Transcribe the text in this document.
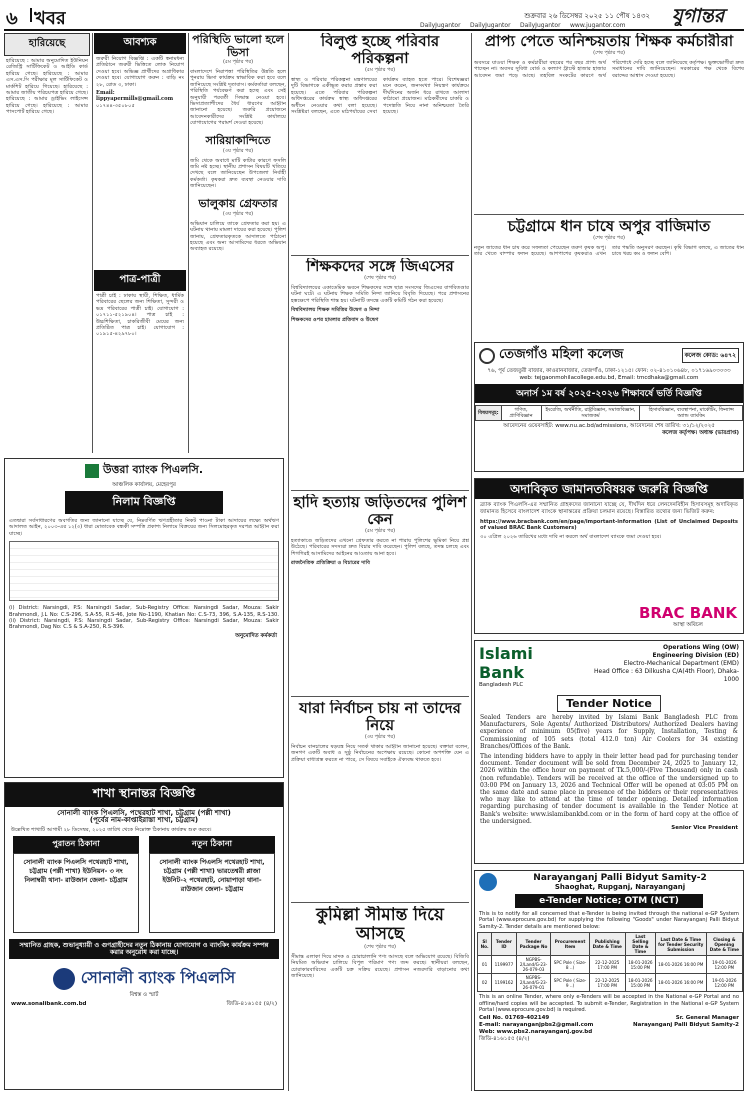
৬ খবর	DailyJugantor DailyJugantor DailyJugantor www.jugantor.com
শুক্রবার ২৬ ডিসেম্বর ২০২৫ ১১ পৌষ ১৪৩২	যুগান্তর
হারিয়েছে
হারিয়েছে : আমার অনুমোদিত ইউনিয়ন রেজিস্ট্রি সার্টিফিকেট ও আইডি কার্ড হারিয়ে গেছে। হারিয়েছে : আমার এস.এস.সি পরীক্ষার মূল সার্টিফিকেট ও মার্কশিট হারিয়ে গিয়েছে। হারিয়েছে : আমার জাতীয় পরিচয়পত্র হারিয়ে গেছে। হারিয়েছে : আমার ড্রাইভিং লাইসেন্স হারিয়ে গেছে। হারিয়েছে : আমার পাসপোর্ট হারিয়ে গেছে।
আবশ্যক
জরুরী নিয়োগ বিজ্ঞপ্তি : একটি স্বনামধন্য প্রতিষ্ঠানে জরুরী ভিত্তিতে লোক নিয়োগ দেওয়া হবে। অভিজ্ঞ প্রার্থীদের অগ্রাধিকার দেওয়া হবে। যোগাযোগ করুন : বাড়ি নং ২৮, রোড ৩, ঢাকা।
Email: lippyapermills@gmail.com
০১৭৪৪-৩৫০৮০৫
পাত্র-পাত্রী
পাত্রী চাই : ঢাকায় স্থায়ী, শিক্ষিত, ধার্মিক পরিবারের ছেলের জন্য শিক্ষিতা, সুন্দরী ও ভদ্র পরিবারের পাত্রী চাই। যোগাযোগ : ০১৭১১-৫২১৯০৪। পাত্র চাই : উচ্চশিক্ষিতা, চাকরিজীবী মেয়ের জন্য প্রতিষ্ঠিত পাত্র চাই। যোগাযোগ : ০১৯১৫-৪২৯৭৮০।
উত্তরা ব্যাংক পিএলসি.
আঞ্চলিক কার্যালয়, মেহেরপুর
নিলাম বিজ্ঞপ্তি
এতদ্বারা সর্বসাধারণের অবগতির জন্য জানানো যাচ্ছে যে, নিম্নবর্ণিত ঋণগ্রহীতার নিকট পাওনা টাকা আদায়ের লক্ষ্যে অর্থঋণ আদালত আইন, ২০০৩-এর ১২(৩) ধারা মোতাবেক বন্ধকী সম্পত্তি প্রকাশ্য নিলামে বিক্রয়ের জন্য সিলমোহরকৃত দরপত্র আহ্বান করা যাচ্ছে।
(i) District: Narsingdi, P.S: Narsingdi Sadar, Sub-Registry Office: Narsingdi Sadar, Mouza: Sakir Brahmondi, J.L No: C.S-296, S.A-55, R.S-46, Jote No-1190, Khatian No: C.S-73, 396, S.A-135, R.S-130. (ii) District: Narsingdi, P.S: Narsingdi Sadar, Sub-Registry Office: Narsingdi Sadar, Mouza: Sakir Brahmondi, Dag No: C.S & S.A-250, R.S-396.
অনুমোদিত কর্মকর্তা
শাখা স্থানান্তর বিজ্ঞপ্তি
সোনালী ব্যাংক পিএলসি, পথেরহাট শাখা, চট্টগ্রাম (পল্লী শাখা)
(পূর্বের নাম-কাপ্তাইরাস্তা শাখা, চট্টগ্রাম)
উল্লেখিত শাখাটি আগামী ২৮ ডিসেম্বর, ২০২৫ তারিখ থেকে নিম্নোক্ত ঠিকানায় কার্যক্রম শুরু করবে।
পুরাতন ঠিকানা
সোনালী ব্যাংক পিএলসি পথেরহাট শাখা, চট্টগ্রাম (পল্লী শাখা) ইউনিয়ন- ৩ নং নিলাম্বরী থানা- রাউজান জেলা- চট্টগ্রাম
নতুন ঠিকানা
সোনালী ব্যাংক পিএলসি পথেরহাট শাখা, চট্টগ্রাম (পল্লী শাখা) ভারতেশ্বরী প্লাজা ইউনিট-২ পথেরহাট, নোয়াপাড়া থানা- রাউজান জেলা- চট্টগ্রাম
সম্মানিত গ্রাহক, শুভানুধ্যায়ী ও গুণগ্রাহীদের নতুন ঠিকানায় যোগাযোগ ও ব্যাংকিং কার্যক্রম সম্পন্ন করার অনুরোধ করা যাচ্ছে।
সোনালী ব্যাংক পিএলসি
বিশ্বস্ত ও স্মার্ট
www.sonalibank.com.bd	জিডি-৪১৬১৫৫ (৪/২)
পরিস্থিতি ভালো হলে ভিসা
(৫ম পৃষ্ঠার পর)
বাংলাদেশে নিরাপত্তা পরিস্থিতির উন্নতি হলে পুনরায় ভিসা কার্যক্রম স্বাভাবিক করা হবে বলে জানিয়েছে সংশ্লিষ্ট দূতাবাস। কর্মকর্তারা বলছেন, পরিস্থিতি পর্যবেক্ষণ করা হচ্ছে এবং সেই অনুযায়ী পরবর্তী সিদ্ধান্ত নেওয়া হবে। ভিসাপ্রত্যাশীদের ধৈর্য ধারণের আহ্বান জানানো হয়েছে। জরুরি প্রয়োজনে আবেদনকারীদের সংশ্লিষ্ট কার্যালয়ে যোগাযোগের পরামর্শ দেওয়া হয়েছে।
সারিয়াকান্দিতে
(৩য় পৃষ্ঠার পর)
জমি থেকে অবাধে মাটি কাটার কারণে ফসলি জমি নষ্ট হচ্ছে। স্থানীয় প্রশাসন বিষয়টি খতিয়ে দেখছে বলে জানিয়েছেন উপজেলা নির্বাহী কর্মকর্তা। কৃষকরা দ্রুত ব্যবস্থা নেওয়ার দাবি জানিয়েছেন।
ভালুকায় গ্রেফতার
(৩য় পৃষ্ঠার পর)
অভিযান চালিয়ে তাকে গ্রেফতার করা হয়। এ ঘটনায় থানায় মামলা দায়ের করা হয়েছে। পুলিশ জানায়, গ্রেফতারকৃতকে আদালতে পাঠানো হয়েছে এবং অন্য আসামিদের ধরতে অভিযান অব্যাহত রয়েছে।
বিলুপ্ত হচ্ছে পরিবার পরিকল্পনা
(৫ম পৃষ্ঠার পর)
স্বাস্থ্য ও পরিবার পরিকল্পনা মন্ত্রণালয়ের দুটি বিভাগকে একীভূত করার প্রস্তাব করা হয়েছে। এতে পরিবার পরিকল্পনা অধিদপ্তরের কার্যক্রম স্বাস্থ্য অধিদপ্তরের অধীনে নেওয়ার কথা বলা হয়েছে। সংশ্লিষ্টরা বলছেন, এতে মাঠপর্যায়ের সেবা কার্যক্রম ব্যাহত হতে পারে। বিশেষজ্ঞরা মনে করেন, জনসংখ্যা নিয়ন্ত্রণ কার্যক্রমে দীর্ঘদিনের অর্জন ধরে রাখতে আলাদা কাঠামো প্রয়োজন। মাঠকর্মীদের চাকরি ও পদোন্নতি নিয়ে নানা অনিশ্চয়তা তৈরি হয়েছে।
শিক্ষকদের সঙ্গে জিএসের
(শেষ পৃষ্ঠার পর)
বিশ্ববিদ্যালয়ের একাডেমিক ভবনে শিক্ষকদের সঙ্গে ছাত্র সংসদের জিএসের বাগবিতণ্ডার ঘটনা ঘটে। এ ঘটনায় শিক্ষক সমিতি নিন্দা জানিয়ে বিবৃতি দিয়েছে। পরে প্রশাসনের হস্তক্ষেপে পরিস্থিতি শান্ত হয়। ঘটনাটি তদন্তে একটি কমিটি গঠন করা হয়েছে।
বিশ্ববিদ্যালয় শিক্ষক সমিতির উদ্বেগ ও নিন্দা
শিক্ষকদের ওপর হামলার প্রতিবাদ ও উদ্বেগ
হাদি হত্যায় জড়িতদের পুলিশ কেন
(৫ম পৃষ্ঠার পর)
হত্যাকাণ্ডে জড়িতদের এখনো গ্রেফতার করতে না পারায় পুলিশের ভূমিকা নিয়ে প্রশ্ন উঠেছে। পরিবারের সদস্যরা দ্রুত বিচার দাবি করেছেন। পুলিশ বলছে, তদন্ত চলছে এবং শিগগিরই আসামিদের আইনের আওতায় আনা হবে।
রাজনৈতিক প্রতিক্রিয়া ও বিচারের দাবি
যারা নির্বাচন চায় না তাদের নিয়ে
(৩য় পৃষ্ঠার পর)
নির্বাচন বানচালের ষড়যন্ত্র নিয়ে সতর্ক থাকার আহ্বান জানানো হয়েছে। বক্তারা বলেন, জনগণ একটি অবাধ ও সুষ্ঠু নির্বাচনের অপেক্ষায় রয়েছে। কোনো অপশক্তি যেন এ প্রক্রিয়া বাধাগ্রস্ত করতে না পারে, সে বিষয়ে সবাইকে ঐক্যবদ্ধ থাকতে হবে।
কুমিল্লা সীমান্ত দিয়ে আসছে
(শেষ পৃষ্ঠার পর)
সীমান্ত এলাকা দিয়ে মাদক ও চোরাচালানি পণ্য আসছে বলে অভিযোগ রয়েছে। বিজিবি নিয়মিত অভিযান চালিয়ে বিপুল পরিমাণ পণ্য জব্দ করছে। স্থানীয়রা বলছেন, চোরাকারবারিদের একটি চক্র সক্রিয় রয়েছে। প্রশাসন নজরদারি বাড়ানোর কথা জানিয়েছে।
প্রাপ্য পেতে অনিশ্চয়তায় শিক্ষক কর্মচারীরা
(শেষ পৃষ্ঠার পর)
অবসরে যাওয়া শিক্ষক ও কর্মচারীরা বছরের পর বছর প্রাপ্য অর্থ পাচ্ছেন না। অবসর সুবিধা বোর্ড ও কল্যাণ ট্রাস্টে হাজার হাজার আবেদন জমা পড়ে আছে। তহবিল সংকটের কারণে অর্থ পরিশোধে দেরি হচ্ছে বলে জানিয়েছে কর্তৃপক্ষ। ভুক্তভোগীরা দ্রুত সমাধানের দাবি জানিয়েছেন। সরকারের পক্ষ থেকে বিশেষ বরাদ্দের আশ্বাস দেওয়া হয়েছে।
চট্টগ্রামে ধান চাষে অপুর বাজিমাত
(শেষ পৃষ্ঠার পর)
নতুন জাতের ধান চাষ করে সফলতা পেয়েছেন তরুণ কৃষক অপু। তার খেতে বাম্পার ফলন হয়েছে। আশপাশের কৃষকরাও এখন তার পদ্ধতি অনুসরণ করছেন। কৃষি বিভাগ বলছে, এ জাতের ধান চাষে খরচ কম ও ফলন বেশি।
তেজগাঁও মহিলা কলেজ	কলেজ কোড: ৬৪৭২
৭৬, পূর্ব তেজতুরী বাজার, কাওরানবাজার, তেজগাঁও, ঢাকা-১২১৫। ফোন: ০২-৪১০১০৬৪৮, ০১৭১৬৯০৩০৩৩
web: tejgaonmohilacollege.edu.bd, Email: tmcdhaka@gmail.com
অনার্স ১ম বর্ষ ২০২৫-২০২৬ শিক্ষাবর্ষে ভর্তি বিজ্ঞপ্তি
বিষয়সমূহ:	গণিত, প্রাণিবিজ্ঞান	ইংরেজি, অর্থনীতি, রাষ্ট্রবিজ্ঞান, সমাজবিজ্ঞান, সমাজকর্ম	হিসাববিজ্ঞান, ব্যবস্থাপনা, মার্কেটিং, ফিন্যান্স অ্যান্ড ব্যাংকিং
আবেদনের ওয়েবসাইট: www.nu.ac.bd/admissions, আবেদনের শেষ তারিখ: ৩১/১২/২০২৫
কলেজ কর্তৃপক্ষ। অধ্যক্ষ (ভারপ্রাপ্ত)
অদাবিকৃত জামানতবিষয়ক জরুরি বিজ্ঞপ্তি
ব্র্যাক ব্যাংক পিএলসি-এর সম্মানিত গ্রাহকদের জানানো যাচ্ছে যে, দীর্ঘদিন ধরে লেনদেনবিহীন হিসাবসমূহ অদাবিকৃত জামানত হিসেবে বাংলাদেশ ব্যাংকে স্থানান্তরের প্রক্রিয়া চলমান রয়েছে। বিস্তারিত তথ্যের জন্য ভিজিট করুন:
https://www.bracbank.com/en/page/important-information (List of Unclaimed Deposits of valued BRAC Bank Customers)
৩০ এপ্রিল ২০২৬ তারিখের মধ্যে দাবি না করলে অর্থ বাংলাদেশ ব্যাংকে জমা দেওয়া হবে।
BRAC BANK
আস্থা অবিচল
Islami Bank
Bangladesh PLC
Operations Wing (OW)
Engineering Division (ED)
Electro-Mechanical Department (EMD)
Head Office : 63 Dilkusha C/A(4th Floor), Dhaka-1000
Tender Notice
Sealed Tenders are hereby invited by Islami Bank Bangladesh PLC from Manufacturers, Sole Agents/ Authorized Distributors/ Authorized Dealers having experience of minimum 05(five) years for Supply, Installation, Testing & Commissioning of 105 sets (total 412.0 ton) Air Coolers for 34 existing Branches/Offices of the Bank.
The intending bidders have to apply in their letter head pad for purchasing tender document. Tender document will be sold from December 24, 2025 to January 12, 2026 within the office hour on payment of Tk.5,000/-(Five Thousand) only in cash (non refundable). Tenders will be received at the office of the undersigned up to 03:00 PM on January 13, 2026 and Technical Offer will be opened at 03:05 PM on the same date and same place in presence of the bidders or their representatives who may like to attend at the time of tender opening. Detailed information regarding purchasing of tender document is available in the Tender Notice at Bank's website: www.islamibankbd.com or in the form of hard copy at the office of the undersigned.
Senior Vice President
Narayanganj Palli Bidyut Samity-2
Shaoghat, Rupganj, Narayanganj
e-Tender Notice; OTM (NCT)
This is to notify for all concerned that e-Tender is being invited through the national e-GP System Portal (www.eprocure.gov.bd) for supplying the following "Goods" under Narayanganj Palli Bidyut Samity-2. Tender details are mentioned below:
Sl No.	Tender ID	Tender Package No	Procurement Item	Publishing Date & Time	Last Selling Date & Time	Last Date & Time for Tender Security Submission	Closing & Opening Date & Time
01	1199977	NGPBS-2/Land/G-23-26-079-03	SPC Pole ( Size-8 ..)	22-12-2025 17:00 PM	18-01-2026 15:00 PM	18-01-2026 16:00 PM	19-01-2026 12:00 PM
02	1199162	NGPBS-2/Land/G-23-26-079-01	SPC Pole ( Size-9 ..)	22-12-2025 17:00 PM	18-01-2026 15:00 PM	18-01-2026 16:00 PM	19-01-2026 12:00 PM
This is an online Tender, where only e-Tenders will be accepted in the National e-GP Portal and no offline/hard copies will be accepted. To submit e-Tender, Registration in the National e-GP System Portal (www.eprocure.gov.bd) is required.
Cell No. 01769-402149
E-mail: narayanganjpbs2@gmail.com
Web: www.pbs2.narayanganj.gov.bd
Sr. General Manager
Narayanganj Palli Bidyut Samity-2
জিডি-৪১৬১৫৫ (৪/২)
